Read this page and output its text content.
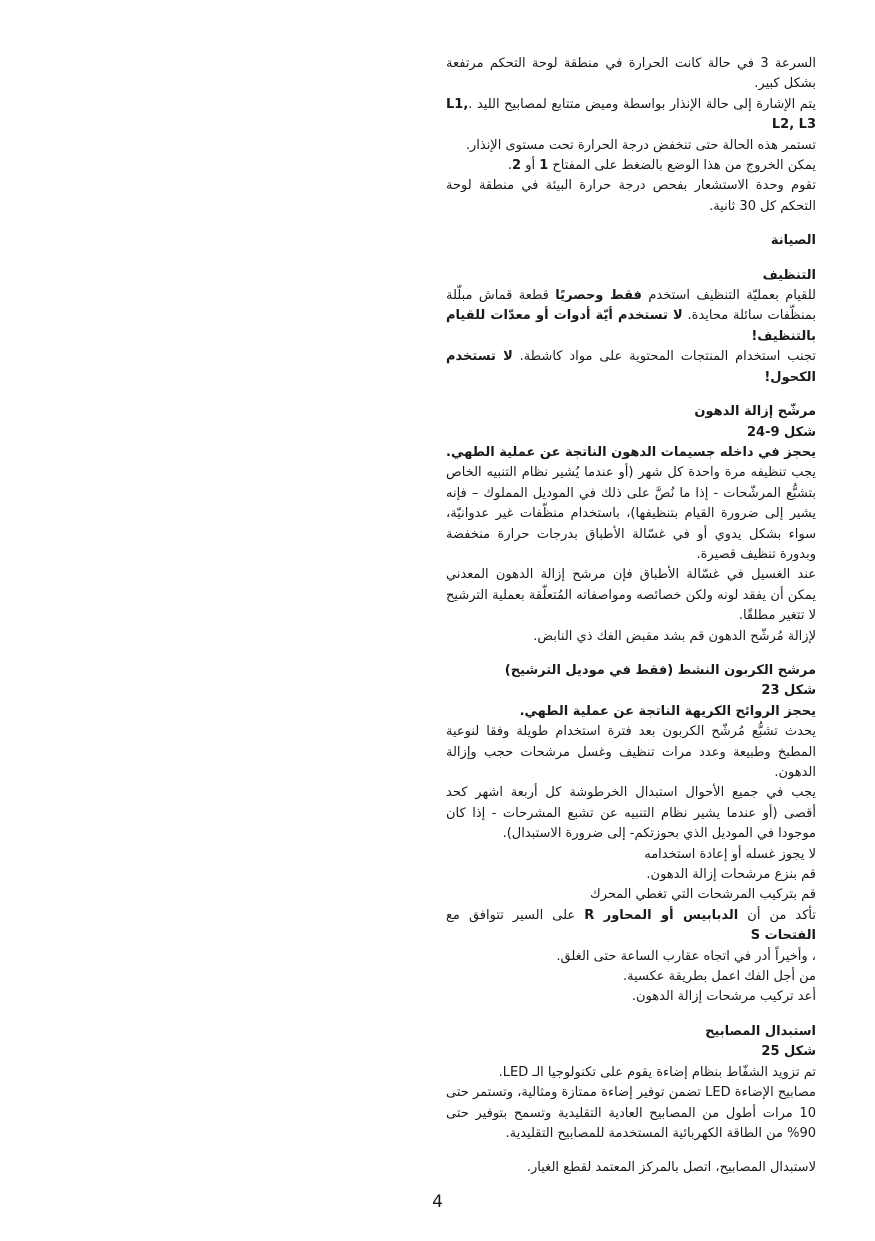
السرعة 3 في حالة كانت الحرارة في منطقة لوحة التحكم مرتفعة بشكل كبير.

يتم الإشارة إلى حالة الإنذار بواسطة وميض متتابع لمصابيح الليد .L1, L2, L3

تستمر هذه الحالة حتى تنخفض درجة الحرارة تحت مستوى الإنذار.

يمكن الخروج من هذا الوضع بالضغط على المفتاح 1 أو 2.

تقوم وحدة الاستشعار بفحص درجة حرارة البيئة في منطقة لوحة التحكم كل 30 ثانية.

الصيانة
التنظيف

للقيام بعمليّة التنظيف استخدم فقط وحصريًا قطعة قماش مبلّلة بمنظّفات سائلة محايدة. لا تستخدم أيّة أدوات أو معدّات للقيام بالتنظيف!

تجنب استخدام المنتجات المحتوية على مواد كاشطة. لا تستخدم الكحول!

مرشّح إزالة الدهون
شكل 9-24
يحجز في داخله جسيمات الدهون الناتجة عن عملية الطهي.

يجب تنظيفه مرة واحدة كل شهر (أو عندما يُشير نظام التنبيه الخاص بتشبُّع المرشّحات - إذا ما نُصَّ على ذلك في الموديل المملوك – فإنه يشير إلى ضرورة القيام بتنظيفها)، باستخدام منظّفات غير عدوانيّة، سواء بشكل يدوي أو في غسّالة الأطباق بدرجات حرارة منخفضة وبدورة تنظيف قصيرة.

عند الغسيل في غسّالة الأطباق فإن مرشح إزالة الدهون المعدني يمكن أن يفقد لونه ولكن خصائصه ومواصفاته المُتعلّقة بعملية الترشيح لا تتغير مطلقًا.

لإزالة مُرشّح الدهون قم بشد مقبض الفك ذي النابض.

مرشح الكربون النشط (فقط في موديل الترشيح)
شكل 23
يحجز الروائح الكريهة الناتجة عن عملية الطهي.

يحدث تشبُّع مُرشّح الكربون بعد فترة استخدام طويلة وفقا لنوعية المطبخ وطبيعة وعدد مرات تنظيف وغسل مرشحات حجب وإزالة الدهون.

يجب في جميع الأحوال استبدال الخرطوشة كل أربعة اشهر كحد أقصى (أو عندما يشير نظام التنبيه عن تشبع المشرحات - إذا كان موجودا في الموديل الذي بحوزتكم- إلى ضرورة الاستبدال).

لا يجوز غسله أو إعادة استخدامه

قم بنزع مرشحات إزالة الدهون.

قم بتركيب المرشحات التي تغطي المحرك

تأكد من أن الدبابيس أو المحاور R على السير تتوافق مع الفتحات S

، وأخيراً أدر في اتجاه عقارب الساعة حتى الغلق.

من أجل الفك اعمل بطريقة عكسية.

أعد تركيب مرشحات إزالة الدهون.

استبدال المصابيح
شكل 25

تم تزويد الشفّاط بنظام إضاءة يقوم على تكنولوجيا الـ LED.

مصابيح الإضاءة LED تضمن توفير إضاءة ممتازة ومثالية، وتستمر حتى 10 مرات أطول من المصابيح العادية التقليدية وتسمح بتوفير حتى 90% من الطاقة الكهربائية المستخدمة للمصابيح التقليدية.

لاستبدال المصابيح، اتصل بالمركز المعتمد لقطع الغيار.

4
